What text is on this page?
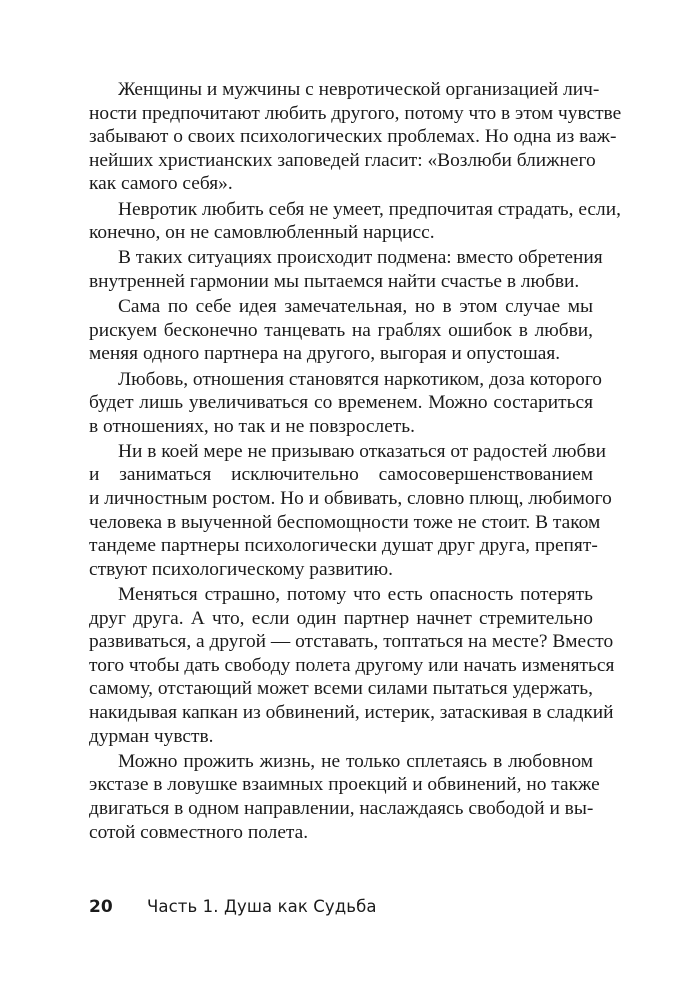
Женщины и мужчины с невротической организацией лич-
ности предпочитают любить другого, потому что в этом чувстве
забывают о своих психологических проблемах. Но одна из важ-
нейших христианских заповедей гласит: «Возлюби ближнего
как самого себя».

Невротик любить себя не умеет, предпочитая страдать, если,
конечно, он не самовлюбленный нарцисс.

В таких ситуациях происходит подмена: вместо обретения
внутренней гармонии мы пытаемся найти счастье в любви.

Сама по себе идея замечательная, но в этом случае мы
рискуем бесконечно танцевать на граблях ошибок в любви,
меняя одного партнера на другого, выгорая и опустошая.

Любовь, отношения становятся наркотиком, доза которого
будет лишь увеличиваться со временем. Можно состариться
в отношениях, но так и не повзрослеть.

Ни в коей мере не призываю отказаться от радостей любви
и заниматься исключительно самосовершенствованием
и личностным ростом. Но и обвивать, словно плющ, любимого
человека в выученной беспомощности тоже не стоит. В таком
тандеме партнеры психологически душат друг друга, препят-
ствуют психологическому развитию.

Меняться страшно, потому что есть опасность потерять
друг друга. А что, если один партнер начнет стремительно
развиваться, а другой — отставать, топтаться на месте? Вместо
того чтобы дать свободу полета другому или начать изменяться
самому, отстающий может всеми силами пытаться удержать,
накидывая капкан из обвинений, истерик, затаскивая в сладкий
дурман чувств.

Можно прожить жизнь, не только сплетаясь в любовном
экстазе в ловушке взаимных проекций и обвинений, но также
двигаться в одном направлении, наслаждаясь свободой и вы-
сотой совместного полета.

20	Часть 1. Душа как Судьба
